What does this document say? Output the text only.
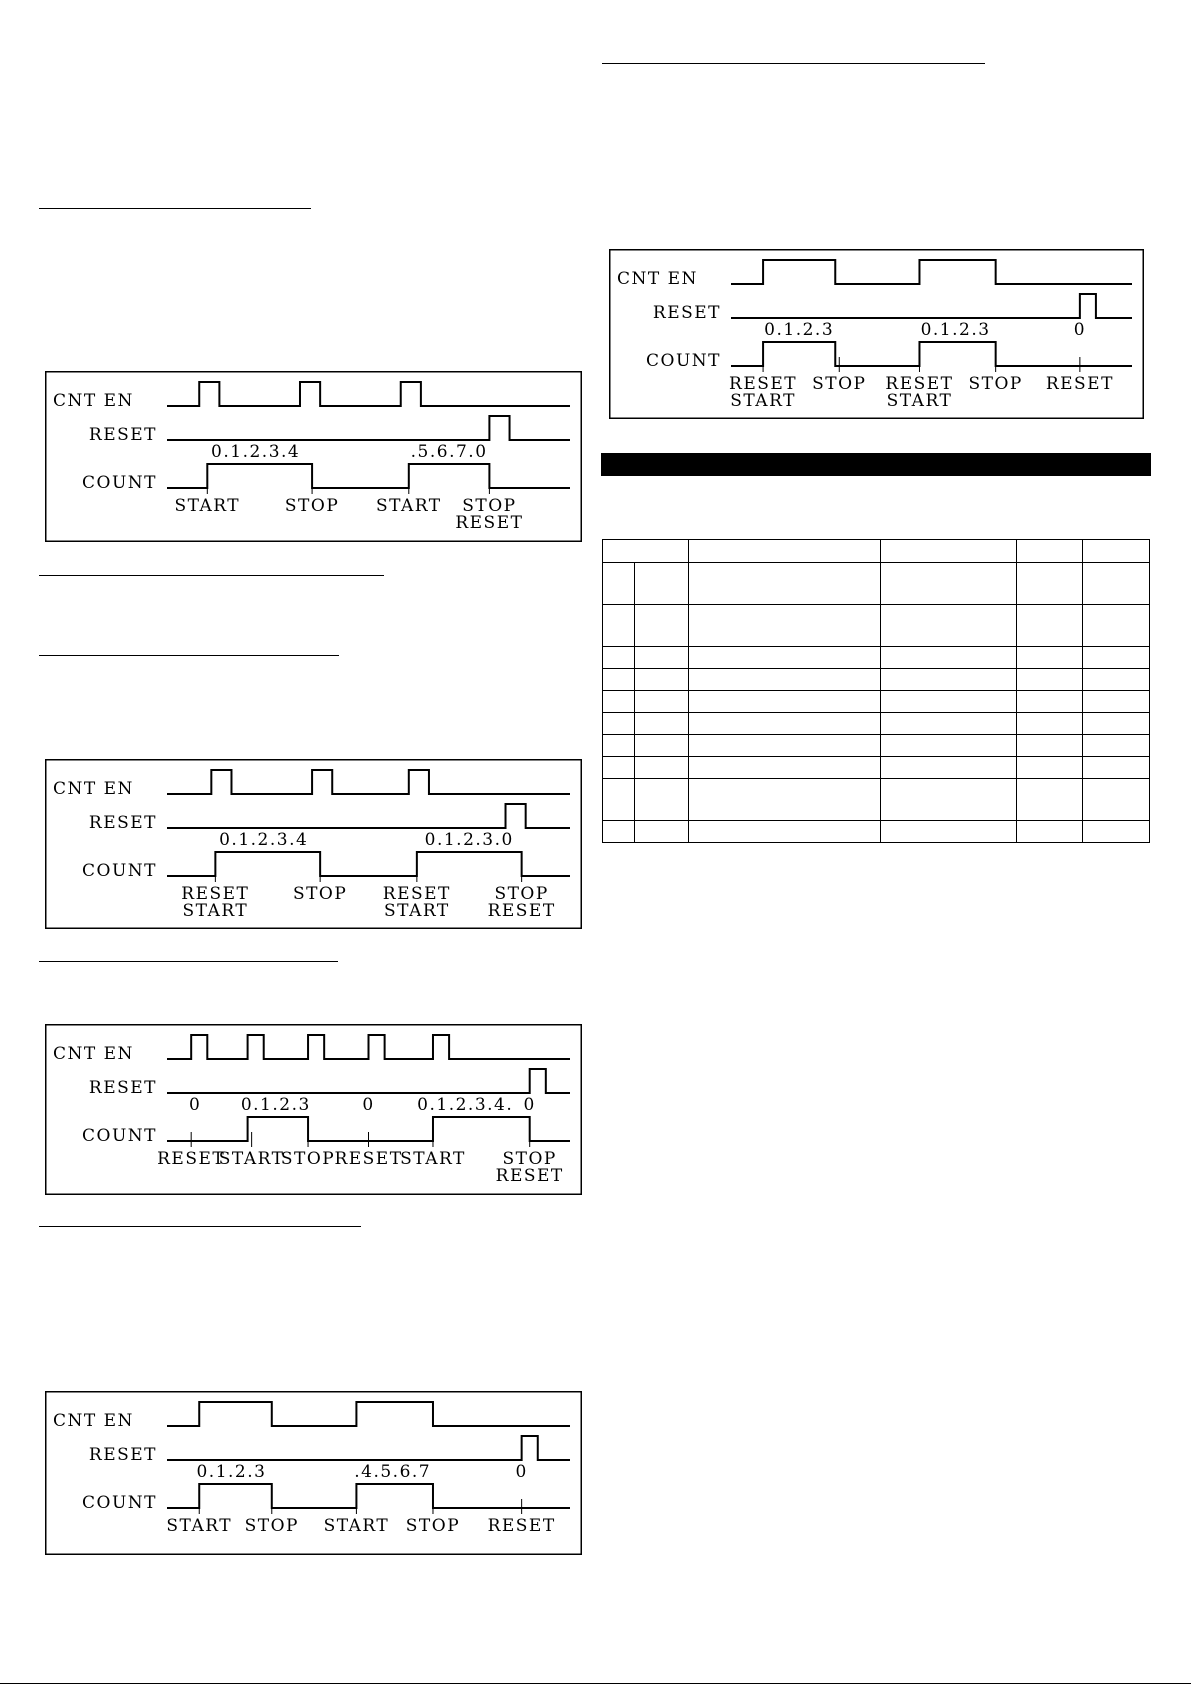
CNT EN
RESET
COUNT
0.1.2.3.4	.5.6.7.0
START	STOP START STOP
RESET
CNT EN
RESET
COUNT
0.1.2.3.4	0.1.2.3.0
RESET
START
STOP RESET
START
STOP
RESET
CNT EN
RESET
COUNT
0 0.1.2.3	0	0.1.2.3.4. 0
RESET
START
STOP RESET
START STOP
RESET
CNT EN
RESET
COUNT
0.1.2.3	.4.5.6.7	0
START STOP START STOP RESET
CNT EN
RESET
COUNT
0.1.2.3	0.1.2.3	0
RESET
START
STOP RESET
START
STOP RESET
